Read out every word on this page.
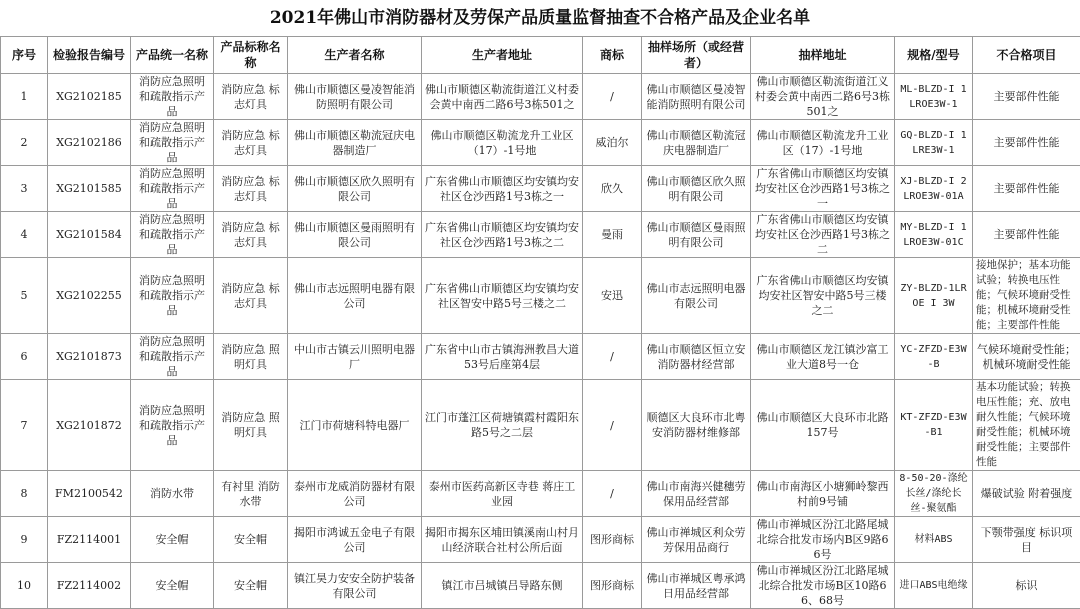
2021年佛山市消防器材及劳保产品质量监督抽查不合格产品及企业名单
序号	检验报告编号	产品统一名称	产品标称名称	生产者名称	生产者地址	商标	抽样场所（或经营者）	抽样地址	规格/型号	不合格项目
1	XG2102185	消防应急照明和疏散指示产品	消防应急 标志灯具	佛山市顺德区曼凌智能消防照明有限公司	佛山市顺德区勒流街道江义村委会黄中南西二路6号3栋501之	/	佛山市顺德区曼凌智能消防照明有限公司	佛山市顺德区勒流街道江义村委会黄中南西二路6号3栋501之	ML-BLZD-I 1LROE3W-1	主要部件性能
2	XG2102186	消防应急照明和疏散指示产品	消防应急 标志灯具	佛山市顺德区勒流冠庆电器制造厂	佛山市顺德区勒流龙升工业区（17）-1号地	威泊尔	佛山市顺德区勒流冠庆电器制造厂	佛山市顺德区勒流龙升工业区（17）-1号地	GQ-BLZD-I 1LRE3W-1	主要部件性能
3	XG2101585	消防应急照明和疏散指示产品	消防应急 标志灯具	佛山市顺德区欣久照明有限公司	广东省佛山市顺德区均安镇均安社区仓沙西路1号3栋之一	欣久	佛山市顺德区欣久照明有限公司	广东省佛山市顺德区均安镇均安社区仓沙西路1号3栋之一	XJ-BLZD-I 2LROE3W-01A	主要部件性能
4	XG2101584	消防应急照明和疏散指示产品	消防应急 标志灯具	佛山市顺德区曼雨照明有限公司	广东省佛山市顺德区均安镇均安社区仓沙西路1号3栋之二	曼雨	佛山市顺德区曼雨照明有限公司	广东省佛山市顺德区均安镇均安社区仓沙西路1号3栋之二	MY-BLZD-I 1LROE3W-01C	主要部件性能
5	XG2102255	消防应急照明和疏散指示产品	消防应急 标志灯具	佛山市志远照明电器有限公司	广东省佛山市顺德区均安镇均安社区智安中路5号三楼之二	安迅	佛山市志远照明电器有限公司	广东省佛山市顺德区均安镇均安社区智安中路5号三楼之二	ZY-BLZD-1LROE I 3W	接地保护；基本功能试验；转换电压性能；气候环境耐受性能；机械环境耐受性能；主要部件性能
6	XG2101873	消防应急照明和疏散指示产品	消防应急 照明灯具	中山市古镇云川照明电器厂	广东省中山市古镇海洲教昌大道53号后座第4层	/	佛山市顺德区恒立安消防器材经营部	佛山市顺德区龙江镇沙富工业大道8号一仓	YC-ZFZD-E3W-B	气候环境耐受性能；机械环境耐受性能
7	XG2101872	消防应急照明和疏散指示产品	消防应急 照明灯具	江门市荷塘科特电器厂	江门市蓬江区荷塘镇霞村霞阳东路5号之二层	/	顺德区大良环市北粤安消防器材维修部	佛山市顺德区大良环市北路157号	KT-ZFZD-E3W-B1	基本功能试验；转换电压性能；充、放电耐久性能；气候环境耐受性能；机械环境耐受性能；主要部件性能
8	FM2100542	消防水带	有衬里 消防水带	泰州市龙威消防器材有限公司	泰州市医药高新区寺巷 蒋庄工业园	/	佛山市南海兴健穗劳保用品经营部	佛山市南海区小塘狮岭黎西村前9号铺	8-50-20-涤纶长丝/涤纶长丝-聚氨酯	爆破试验 附着强度
9	FZ2114001	安全帽	安全帽	揭阳市鸿诚五金电子有限公司	揭阳市揭东区埔田镇溪南山村月山经济联合社村公所后面	图形商标	佛山市禅城区利众劳芳保用品商行	佛山市禅城区汾江北路尾城北综合批发市场内B区9路66号	材料ABS	下颚带强度 标识项目
10	FZ2114002	安全帽	安全帽	镇江昊力安安全防护装备有限公司	镇江市吕城镇吕导路东侧	图形商标	佛山市禅城区粤承鸿日用品经营部	佛山市禅城区汾江北路尾城北综合批发市场B区10路66、68号	进口ABS电绝缘	标识
